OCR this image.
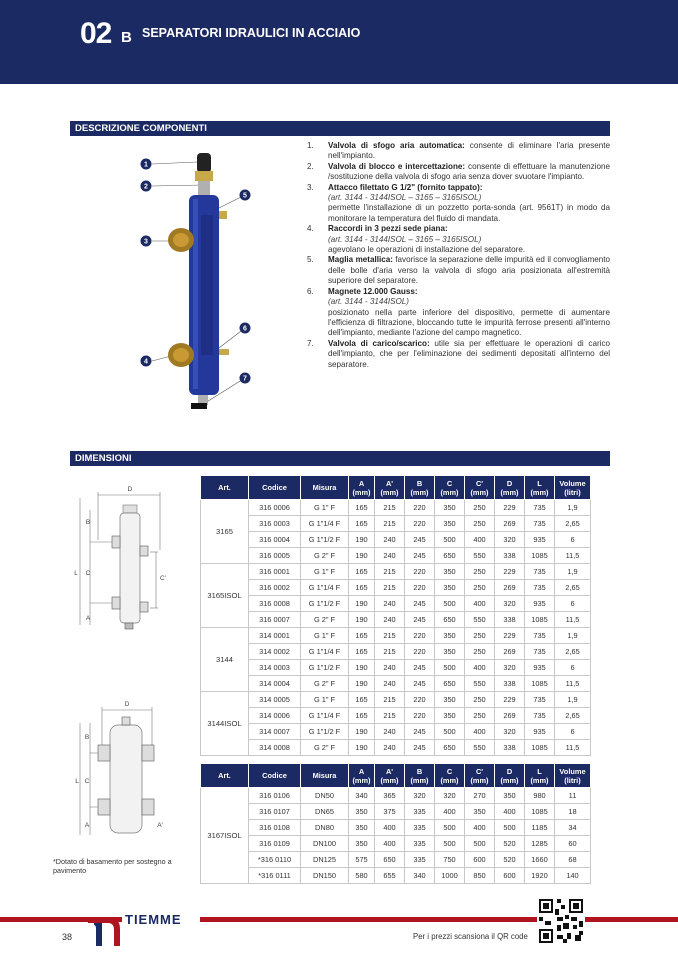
02 B SEPARATORI IDRAULICI IN ACCIAIO
DESCRIZIONE COMPONENTI
1
2
3
4
5
6
7
1.	Valvola di sfogo aria automatica: consente di eliminare l'aria presente nell'impianto.
2.	Valvola di blocco e intercettazione: consente di effettuare la manutenzione /sostituzione della valvola di sfogo aria senza dover svuotare l'impianto.
3.	Attacco filettato G 1/2" (fornito tappato):
(art. 3144 - 3144ISOL – 3165 – 3165ISOL)
permette l'installazione di un pozzetto porta-sonda (art. 9561T) in modo da monitorare la temperatura del fluido di mandata.
4.	Raccordi in 3 pezzi sede piana:
(art. 3144 - 3144ISOL – 3165 – 3165ISOL)
agevolano le operazioni di installazione del separatore.
5.	Maglia metallica: favorisce la separazione delle impurità ed il convogliamento delle bolle d'aria verso la valvola di sfogo aria posizionata all'estremità superiore del separatore.
6.	Magnete 12.000 Gauss:
(art. 3144 - 3144ISOL)
posizionato nella parte inferiore del dispositivo, permette di aumentare l'efficienza di filtrazione, bloccando tutte le impurità ferrose presenti all'interno dell'impianto, mediante l'azione del campo magnetico.
7.	Valvola di carico/scarico: utile sia per effettuare le operazioni di carico dell'impianto, che per l'eliminazione dei sedimenti depositati all'interno del separatore.
DIMENSIONI
D
B
L C
C'
A
D
B
L C
A	A'
Art.	Codice	Misura	A
(mm)	A'
(mm)	B
(mm)	C
(mm)	C'
(mm)	D
(mm)	L
(mm)	Volume
(litri)
3165	316 0006	G 1" F	165	215	220	350	250	229	735	1,9
	316 0003	G 1"1/4 F	165	215	220	350	250	269	735	2,65
	316 0004	G 1"1/2 F	190	240	245	500	400	320	935	6
	316 0005	G 2" F	190	240	245	650	550	338	1085	11,5
3165ISOL	316 0001	G 1" F	165	215	220	350	250	229	735	1,9
	316 0002	G 1"1/4 F	165	215	220	350	250	269	735	2,65
	316 0008	G 1"1/2 F	190	240	245	500	400	320	935	6
	316 0007	G 2" F	190	240	245	650	550	338	1085	11,5
3144	314 0001	G 1" F	165	215	220	350	250	229	735	1,9
	314 0002	G 1"1/4 F	165	215	220	350	250	269	735	2,65
	314 0003	G 1"1/2 F	190	240	245	500	400	320	935	6
	314 0004	G 2" F	190	240	245	650	550	338	1085	11,5
3144ISOL	314 0005	G 1" F	165	215	220	350	250	229	735	1,9
	314 0006	G 1"1/4 F	165	215	220	350	250	269	735	2,65
	314 0007	G 1"1/2 F	190	240	245	500	400	320	935	6
	314 0008	G 2" F	190	240	245	650	550	338	1085	11,5
Art.	Codice	Misura	A
(mm)	A'
(mm)	B
(mm)	C
(mm)	C'
(mm)	D
(mm)	L
(mm)	Volume
(litri)
3167ISOL	316 0106	DN50	340	365	320	320	270	350	980	11
	316 0107	DN65	350	375	335	400	350	400	1085	18
	316 0108	DN80	350	400	335	500	400	500	1185	34
	316 0109	DN100	350	400	335	500	500	520	1285	60
	*316 0110	DN125	575	650	335	750	600	520	1660	68
	*316 0111	DN150	580	655	340	1000	850	600	1920	140
*Dotato di basamento per sostegno a pavimento
TIEMME
38	Per i prezzi scansiona il QR code
